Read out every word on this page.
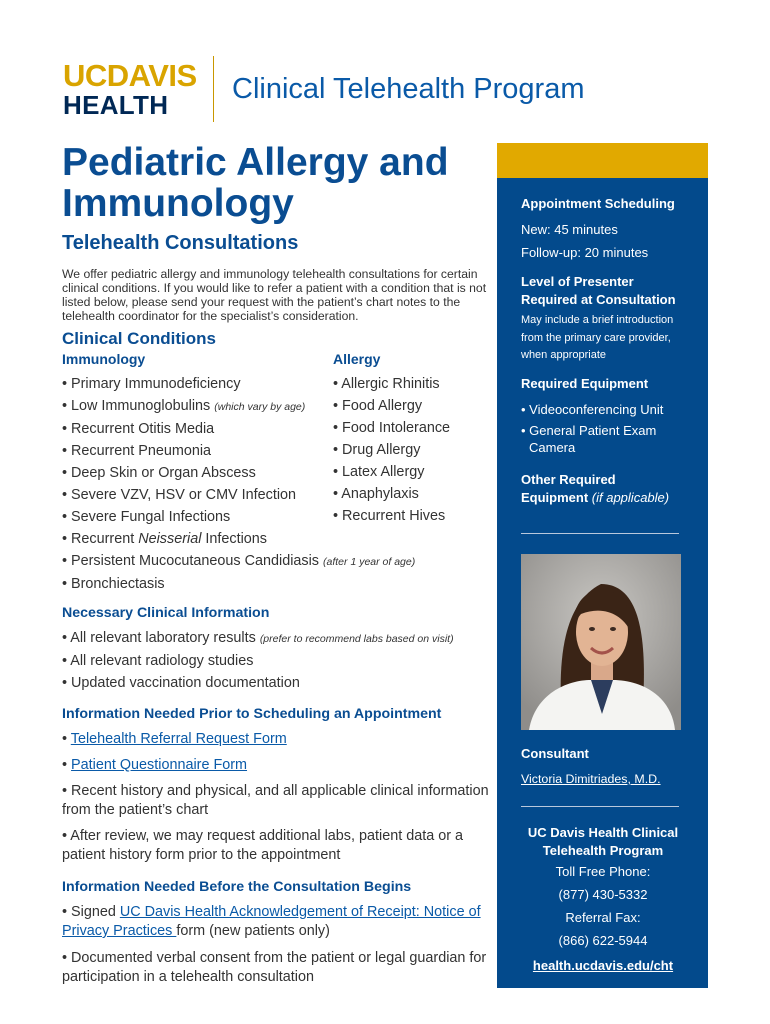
UCDAVIS
HEALTH	Clinical Telehealth Program
Pediatric Allergy and
Immunology
Telehealth Consultations
We offer pediatric allergy and immunology telehealth consultations for certain clinical conditions. If you would like to refer a patient with a condition that is not listed below, please send your request with the patient’s chart notes to the telehealth coordinator for the specialist’s consideration.
Clinical Conditions
Immunology	Allergy
• Primary Immunodeficiency
• Low Immunoglobulins (which vary by age)
• Recurrent Otitis Media
• Recurrent Pneumonia
• Deep Skin or Organ Abscess
• Severe VZV, HSV or CMV Infection
• Severe Fungal Infections
• Recurrent Neisserial Infections
• Persistent Mucocutaneous Candidiasis (after 1 year of age)
• Bronchiectasis
• Allergic Rhinitis
• Food Allergy
• Food Intolerance
• Drug Allergy
• Latex Allergy
• Anaphylaxis
• Recurrent Hives
Necessary Clinical Information
• All relevant laboratory results (prefer to recommend labs based on visit)
• All relevant radiology studies
• Updated vaccination documentation
Information Needed Prior to Scheduling an Appointment
• Telehealth Referral Request Form
• Patient Questionnaire Form
• Recent history and physical, and all applicable clinical information from the patient’s chart
• After review, we may request additional labs, patient data or a patient history form prior to the appointment
Information Needed Before the Consultation Begins
• Signed UC Davis Health Acknowledgement of Receipt: Notice of Privacy Practices form (new patients only)
• Documented verbal consent from the patient or legal guardian for participation in a telehealth consultation
Appointment Scheduling
New: 45 minutes
Follow-up: 20 minutes
Level of Presenter
Required at Consultation
May include a brief introduction
from the primary care provider,
when appropriate
Required Equipment
• Videoconferencing Unit
• General Patient Exam
Camera
Other Required
Equipment (if applicable)
Consultant
Victoria Dimitriades, M.D.
UC Davis Health Clinical
Telehealth Program
Toll Free Phone:
(877) 430-5332
Referral Fax:
(866) 622-5944
health.ucdavis.edu/cht
